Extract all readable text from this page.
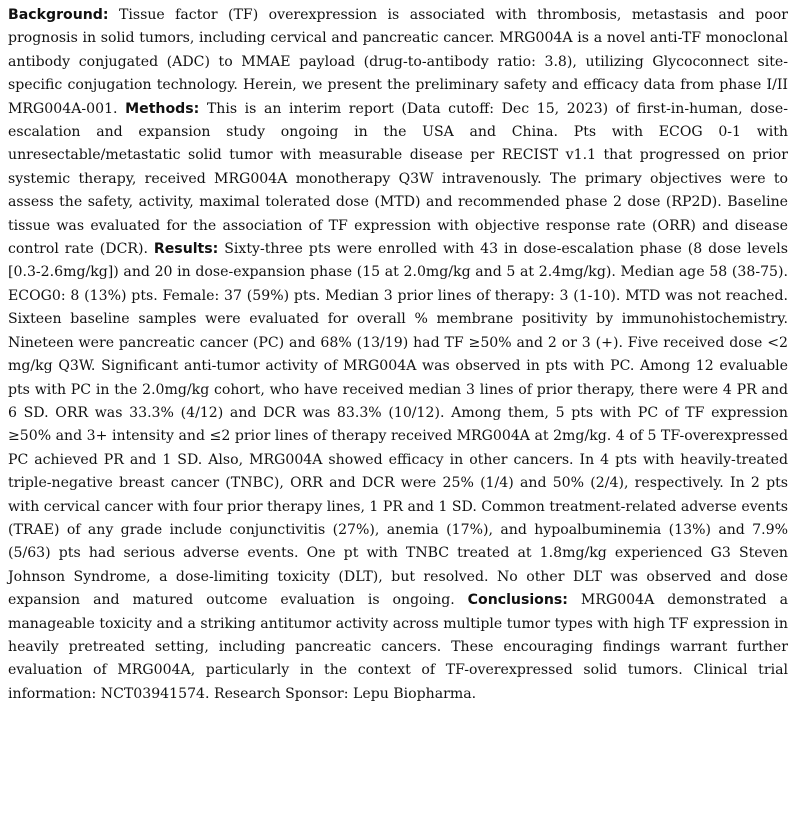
Background: Tissue factor (TF) overexpression is associated with thrombosis, metastasis and poor prognosis in solid tumors, including cervical and pancreatic cancer. MRG004A is a novel anti-TF monoclonal antibody conjugated (ADC) to MMAE payload (drug-to-antibody ratio: 3.8), utilizing Glycoconnect site-specific conjugation technology. Herein, we present the preliminary safety and efficacy data from phase I/II MRG004A-001. Methods: This is an interim report (Data cutoff: Dec 15, 2023) of first-in-human, dose-escalation and expansion study ongoing in the USA and China. Pts with ECOG 0-1 with unresectable/metastatic solid tumor with measurable disease per RECIST v1.1 that progressed on prior systemic therapy, received MRG004A monotherapy Q3W intravenously. The primary objectives were to assess the safety, activity, maximal tolerated dose (MTD) and recommended phase 2 dose (RP2D). Baseline tissue was evaluated for the association of TF expression with objective response rate (ORR) and disease control rate (DCR). Results: Sixty-three pts were enrolled with 43 in dose-escalation phase (8 dose levels [0.3-2.6mg/kg]) and 20 in dose-expansion phase (15 at 2.0mg/kg and 5 at 2.4mg/kg). Median age 58 (38-75). ECOG0: 8 (13%) pts. Female: 37 (59%) pts. Median 3 prior lines of therapy: 3 (1-10). MTD was not reached. Sixteen baseline samples were evaluated for overall % membrane positivity by immunohistochemistry. Nineteen were pancreatic cancer (PC) and 68% (13/19) had TF ≥50% and 2 or 3 (+). Five received dose <2 mg/kg Q3W. Significant anti-tumor activity of MRG004A was observed in pts with PC. Among 12 evaluable pts with PC in the 2.0mg/kg cohort, who have received median 3 lines of prior therapy, there were 4 PR and 6 SD. ORR was 33.3% (4/12) and DCR was 83.3% (10/12). Among them, 5 pts with PC of TF expression ≥50% and 3+ intensity and ≤2 prior lines of therapy received MRG004A at 2mg/kg. 4 of 5 TF-overexpressed PC achieved PR and 1 SD. Also, MRG004A showed efficacy in other cancers. In 4 pts with heavily-treated triple-negative breast cancer (TNBC), ORR and DCR were 25% (1/4) and 50% (2/4), respectively. In 2 pts with cervical cancer with four prior therapy lines, 1 PR and 1 SD. Common treatment-related adverse events (TRAE) of any grade include conjunctivitis (27%), anemia (17%), and hypoalbuminemia (13%) and 7.9% (5/63) pts had serious adverse events. One pt with TNBC treated at 1.8mg/kg experienced G3 Steven Johnson Syndrome, a dose-limiting toxicity (DLT), but resolved. No other DLT was observed and dose expansion and matured outcome evaluation is ongoing. Conclusions: MRG004A demonstrated a manageable toxicity and a striking antitumor activity across multiple tumor types with high TF expression in heavily pretreated setting, including pancreatic cancers. These encouraging findings warrant further evaluation of MRG004A, particularly in the context of TF-overexpressed solid tumors. Clinical trial information: NCT03941574. Research Sponsor: Lepu Biopharma.
